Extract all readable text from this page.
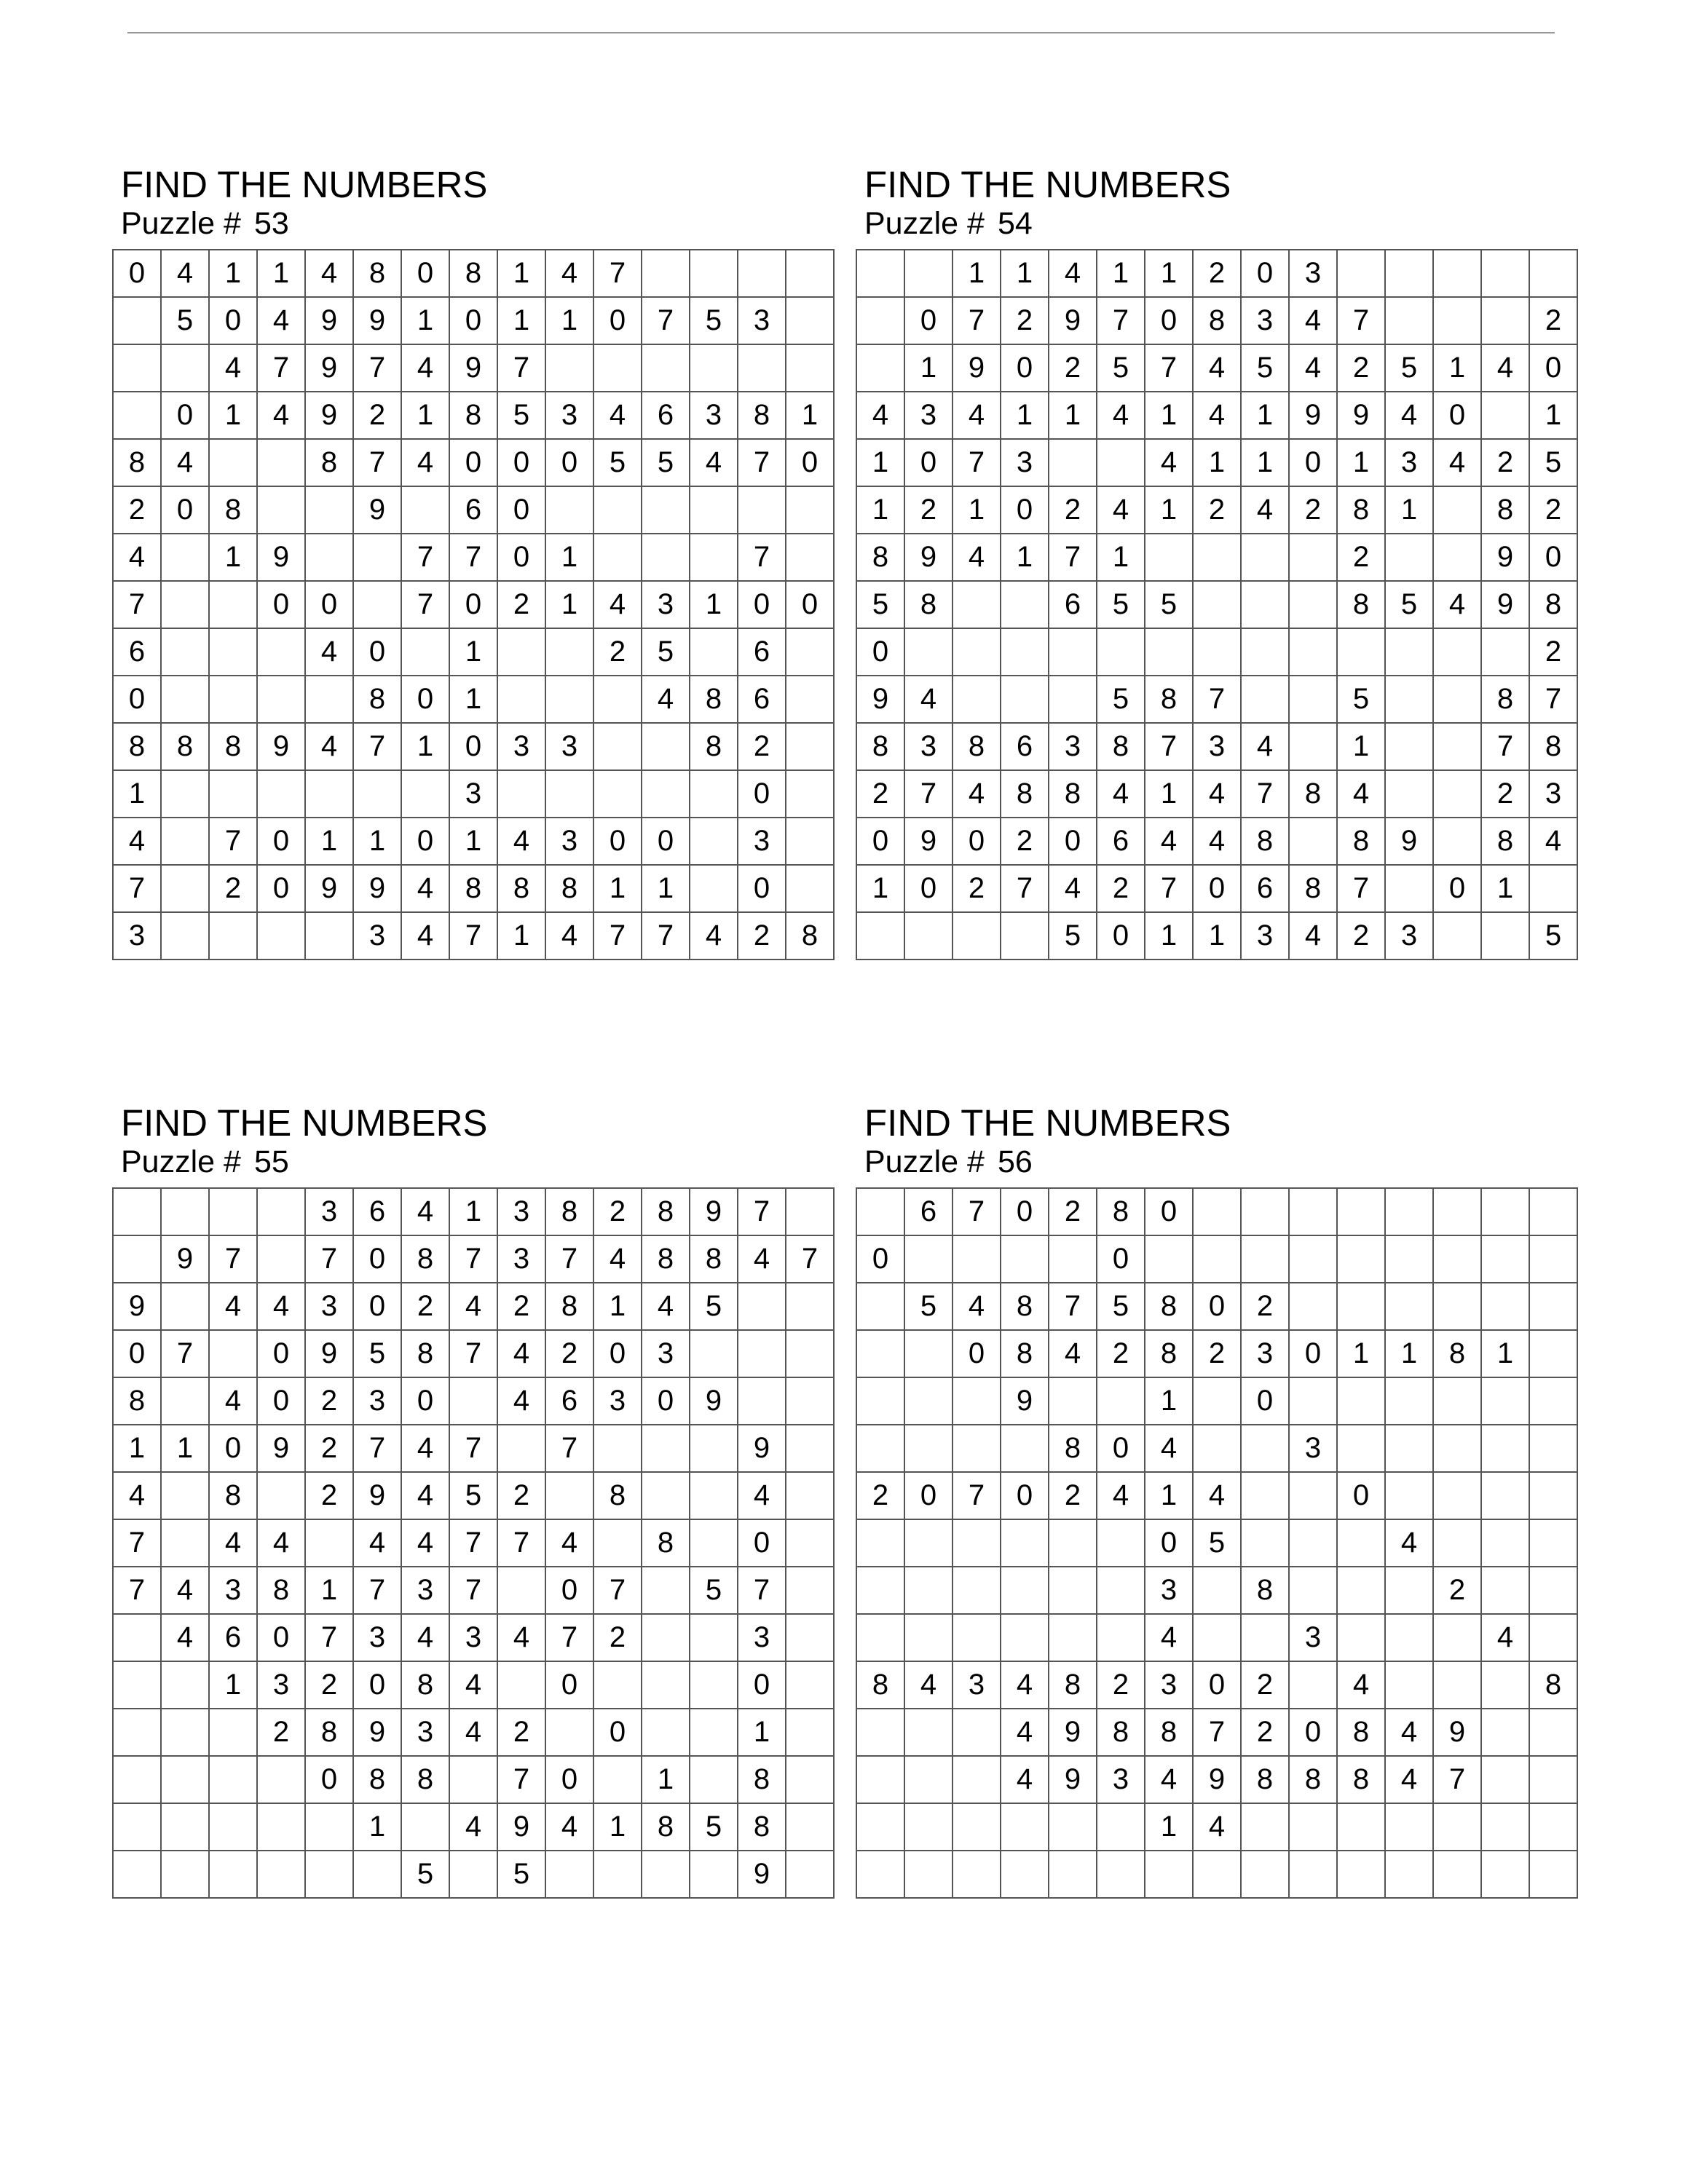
FIND THE NUMBERS
Puzzle # 53
0	4	1	1	4	8	0	8	1	4	7				
	5	0	4	9	9	1	0	1	1	0	7	5	3	
		4	7	9	7	4	9	7						
	0	1	4	9	2	1	8	5	3	4	6	3	8	1
8	4			8	7	4	0	0	0	5	5	4	7	0
2	0	8			9		6	0						
4		1	9			7	7	0	1				7	
7			0	0		7	0	2	1	4	3	1	0	0
6				4	0		1			2	5		6	
0					8	0	1				4	8	6	
8	8	8	9	4	7	1	0	3	3			8	2	
1							3						0	
4		7	0	1	1	0	1	4	3	0	0		3	
7		2	0	9	9	4	8	8	8	1	1		0	
3					3	4	7	1	4	7	7	4	2	8
FIND THE NUMBERS
Puzzle # 54
		1	1	4	1	1	2	0	3					
	0	7	2	9	7	0	8	3	4	7				2
	1	9	0	2	5	7	4	5	4	2	5	1	4	0
4	3	4	1	1	4	1	4	1	9	9	4	0		1
1	0	7	3			4	1	1	0	1	3	4	2	5
1	2	1	0	2	4	1	2	4	2	8	1		8	2
8	9	4	1	7	1					2			9	0
5	8			6	5	5				8	5	4	9	8
0														2
9	4				5	8	7			5			8	7
8	3	8	6	3	8	7	3	4		1			7	8
2	7	4	8	8	4	1	4	7	8	4			2	3
0	9	0	2	0	6	4	4	8		8	9		8	4
1	0	2	7	4	2	7	0	6	8	7		0	1	
				5	0	1	1	3	4	2	3			5
FIND THE NUMBERS
Puzzle # 55
				3	6	4	1	3	8	2	8	9	7	
	9	7		7	0	8	7	3	7	4	8	8	4	7
9		4	4	3	0	2	4	2	8	1	4	5		
0	7		0	9	5	8	7	4	2	0	3			
8		4	0	2	3	0		4	6	3	0	9		
1	1	0	9	2	7	4	7		7				9	
4		8		2	9	4	5	2		8			4	
7		4	4		4	4	7	7	4		8		0	
7	4	3	8	1	7	3	7		0	7		5	7	
	4	6	0	7	3	4	3	4	7	2			3	
		1	3	2	0	8	4		0				0	
			2	8	9	3	4	2		0			1	
				0	8	8		7	0		1		8	
					1		4	9	4	1	8	5	8	
						5		5					9	
FIND THE NUMBERS
Puzzle # 56
	6	7	0	2	8	0								
0					0									
	5	4	8	7	5	8	0	2						
		0	8	4	2	8	2	3	0	1	1	8	1	
			9			1		0						
				8	0	4			3					
2	0	7	0	2	4	1	4			0				
						0	5				4			
						3		8				2		
						4			3				4	
8	4	3	4	8	2	3	0	2		4				8
			4	9	8	8	7	2	0	8	4	9		
			4	9	3	4	9	8	8	8	4	7		
						1	4							
